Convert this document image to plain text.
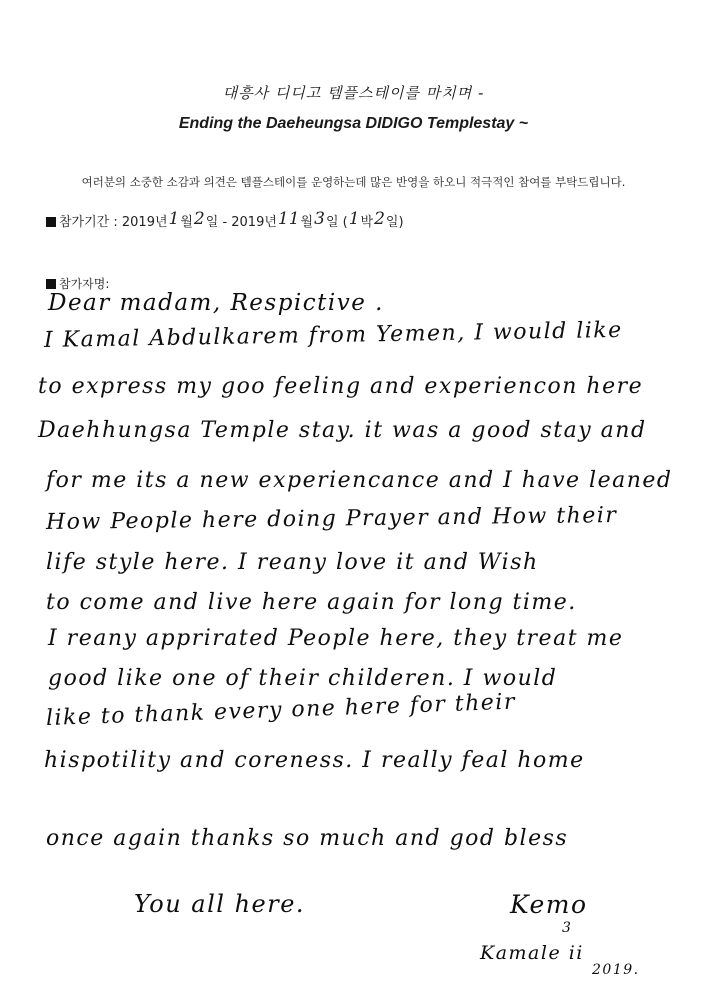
대흥사 디디고 템플스테이를 마치며 -
Ending the Daeheungsa DIDIGO Templestay ~
여러분의 소중한 소감과 의견은 템플스테이를 운영하는데 많은 반영을 하오니 적극적인 참여를 부탁드립니다.
참가기간 : 2019년1월2일 - 2019년11월3일 (1박2일)
참가자명:
Dear madam, Respictive .
I Kamal Abdulkarem from Yemen, I would like
to express my goo feeling and experiencon here
Daehhungsa Temple stay. it was a good stay and
for me its a new experiencance and I have leaned
How People here doing Prayer and How their
life style here. I reany love it and Wish
to come and live here again for long time.
I reany apprirated People here, they treat me
good like one of their childeren. I would
like to thank every one here for their
hispotility and coreness. I really feal home
once again thanks so much and god bless
You all here.	Kemo
3
Kamale ii
2019.
